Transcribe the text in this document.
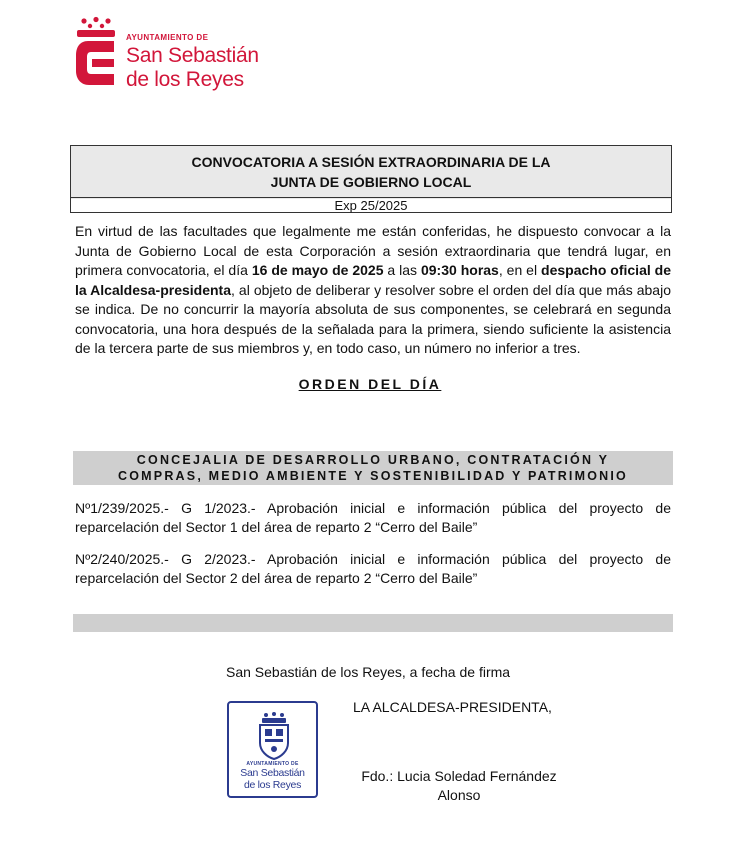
AYUNTAMIENTO DE
San Sebastián
de los Reyes
CONVOCATORIA A SESIÓN EXTRAORDINARIA DE LA
JUNTA DE GOBIERNO LOCAL
Exp 25/2025
En virtud de las facultades que legalmente me están conferidas, he dispuesto convocar a la Junta de Gobierno Local de esta Corporación a sesión extraordinaria que tendrá lugar, en primera convocatoria, el día 16 de mayo de 2025 a las 09:30 horas, en el despacho oficial de la Alcaldesa-presidenta, al objeto de deliberar y resolver sobre el orden del día que más abajo se indica. De no concurrir la mayoría absoluta de sus componentes, se celebrará en segunda convocatoria, una hora después de la señalada para la primera, siendo suficiente la asistencia de la tercera parte de sus miembros y, en todo caso, un número no inferior a tres.
ORDEN DEL DÍA
CONCEJALIA DE DESARROLLO URBANO, CONTRATACIÓN Y
COMPRAS, MEDIO AMBIENTE Y SOSTENIBILIDAD Y PATRIMONIO
Nº1/239/2025.- G 1/2023.- Aprobación inicial e información pública del proyecto de reparcelación del Sector 1 del área de reparto 2 “Cerro del Baile”
Nº2/240/2025.- G 2/2023.- Aprobación inicial e información pública del proyecto de reparcelación del Sector 2 del área de reparto 2 “Cerro del Baile”
San Sebastián de los Reyes, a fecha de firma
LA ALCALDESA-PRESIDENTA,
Fdo.: Lucia Soledad Fernández
Alonso
AYUNTAMIENTO DE
San Sebastián
de los Reyes
